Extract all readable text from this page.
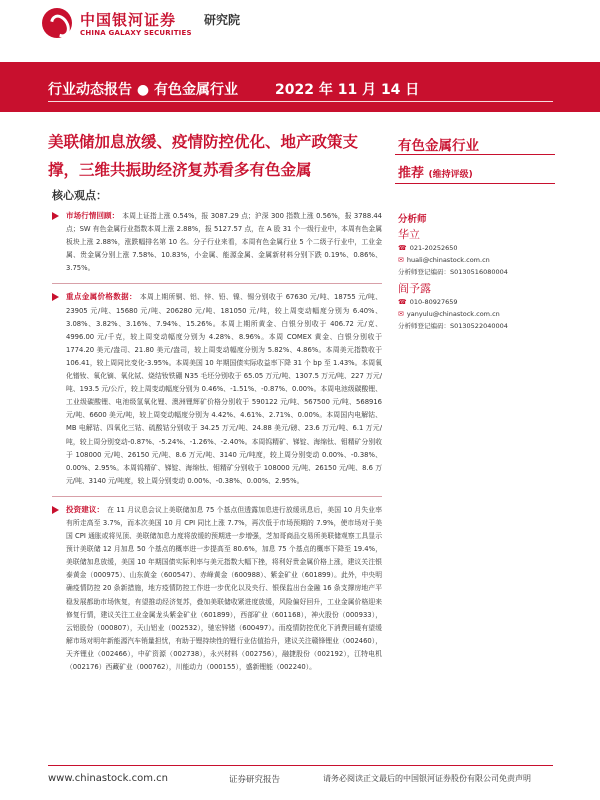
中国银河证券
CHINA GALAXY SECURITIES
研究院
行业动态报告 ● 有色金属行业	2022 年 11 月 14 日
美联储加息放缓、疫情防控优化、地产政策支撑，三维共振助经济复苏看多有色金属
核心观点：
有色金属行业
推荐 (维持评级)
分析师
华立
☎ 021-20252650
✉ huali@chinastock.com.cn
分析师登记编码：S0130516080004
阎予露
☎ 010-80927659
✉ yanyulu@chinastock.com.cn
分析师登记编码：S0130522040004
市场行情回顾： 本周上证指上涨 0.54%，报 3087.29 点；沪深 300 指数上涨 0.56%，报 3788.44 点；SW 有色金属行业指数本周上涨 2.88%，报 5127.57 点，在 A 股 31 个一级行业中，本周有色金属板块上涨 2.88%，涨跌幅排名第 10 名。分子行业来看，本周有色金属行业 5 个二级子行业中，工业金属、贵金属分别上涨 7.58%、10.83%，小金属、能源金属、金属新材料分别下跌 0.19%、0.86%、3.75%。
重点金属价格数据： 本周上期所铜、铝、锌、铅、镍、锡分别收于 67630 元/吨、18755 元/吨、23905 元/吨、15680 元/吨、206280 元/吨、181050 元/吨，较上周变动幅度分别为 6.40%、3.08%、3.82%、3.16%、7.94%、15.26%。本周上期所黄金、白银分别收于 406.72 元/克、4996.00 元/千克，较上周变动幅度分别为 4.28%、8.96%。本周 COMEX 黄金、白银分别收于 1774.20 美元/盎司、21.80 美元/盎司，较上周变动幅度分别为 5.82%、4.86%。本周美元指数收于 106.41，较上周同比变化-3.95%。本周美国 10 年期国债实际收益率下降 31 个 bp 至 1.43%。本周氧化镨钕、氧化镝、氧化铽、烧结钕铁硼 N35 毛坯分别收于 65.05 万元/吨、1307.5 万元/吨、227 万元/吨、193.5 元/公斤，较上周变动幅度分别为 0.46%、-1.51%、-0.87%、0.00%。本周电池级碳酸锂、工业级碳酸锂、电池级氢氧化锂、澳洲锂辉矿价格分别收于 590122 元/吨、567500 元/吨、568916 元/吨、6600 美元/吨，较上周变动幅度分别为 4.42%、4.61%、2.71%、0.00%。本周国内电解钴、MB 电解钴、四氧化三钴、硫酸钴分别收于 34.25 万元/吨、24.88 美元/磅、23.6 万元/吨、6.1 万元/吨，较上周分别变动-0.87%、-5.24%、-1.26%、-2.40%。本周钨精矿、锑锭、海绵钛、钼精矿分别收于 108000 元/吨、26150 元/吨、8.6 万元/吨、3140 元/吨度，较上周分别变动 0.00%、-0.38%、0.00%、2.95%。本周钨精矿、锑锭、海绵钛、钼精矿分别收于 108000 元/吨、26150 元/吨、8.6 万元/吨、3140 元/吨度，较上周分别变动 0.00%、-0.38%、0.00%、2.95%。
投资建议： 在 11 月议息会议上美联储加息 75 个基点但透露加息进行放缓讯息后，美国 10 月失业率有所走高至 3.7%，而本次美国 10 月 CPI 同比上涨 7.7%，再次低于市场预期的 7.9%，使市场对于美国 CPI 通胀或将见顶、美联储加息力度将放缓的预期进一步增强，芝加哥商品交易所美联储观察工具显示预计美联储 12 月加息 50 个基点的概率进一步提高至 80.6%，加息 75 个基点的概率下降至 19.4%，美联储加息放缓，美国 10 年期国债实际利率与美元指数大幅下挫，将利好贵金属价格上涨，建议关注银泰黄金（000975）、山东黄金（600547）、赤峰黄金（600988）、紫金矿业（601899）。此外，中央明确疫情防控 20 条新措施，地方疫情防控工作进一步优化以及央行、银保监出台金融 16 条支撑房地产平稳发展都助市场恢复，有望推动经济复苏，叠加美联储收紧进度放缓，风险偏好回升，工业金属价格迎来修复行情，建议关注工业金属龙头紫金矿业（601899），西部矿业（601168），神火股份（000933），云铝股份（000807），天山铝业（002532），驰宏锌锗（600497）。而疫情防控优化下消费回暖有望缓解市场对明年新能源汽车销量担忧，有助于锂持续性的锂行业估值抬升，建议关注赣锋锂业（002460），天齐锂业（002466），中矿资源（002738），永兴材料（002756），融捷股份（002192），江特电机（002176）西藏矿业（000762），川能动力（000155），盛新锂能（002240）。
www.chinastock.com.cn	证券研究报告	请务必阅读正文最后的中国银河证券股份有限公司免责声明
